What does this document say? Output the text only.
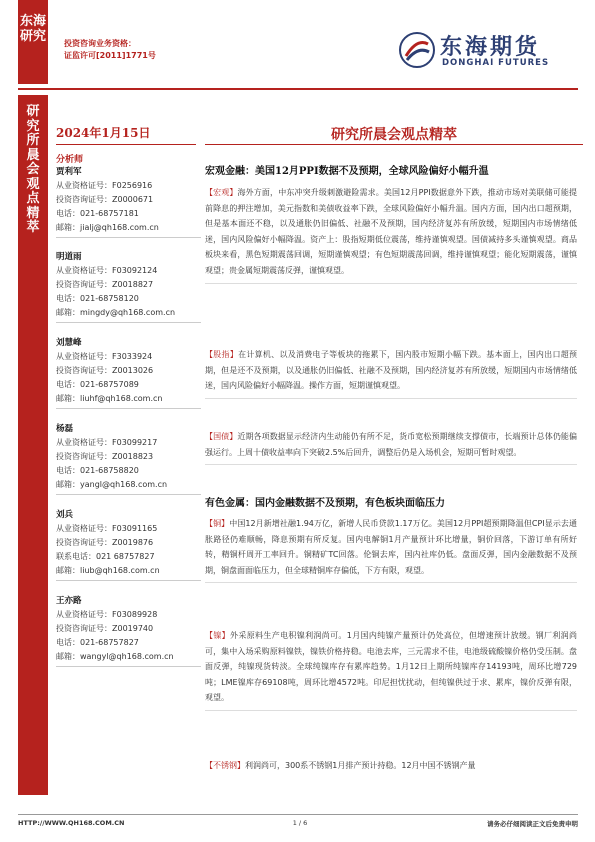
东海
研究 投资咨询业务资格：
证监许可[2011]1771号	东海期货
DONGHAI FUTURES
研
究
所
晨
会
观
点
精
萃
2024年1月15日
分析师
贾利军
从业资格证号：F0256916
投资咨询证号：Z0000671
电话：021-68757181
邮箱：jialj@qh168.com.cn
明道雨
从业资格证号：F03092124
投资咨询证号：Z0018827
电话：021-68758120
邮箱：mingdy@qh168.com.cn
刘慧峰
从业资格证号：F3033924
投资咨询证号：Z0013026
电话：021-68757089
邮箱：liuhf@qh168.com.cn
杨磊
从业资格证号：F03099217
投资咨询证号：Z0018823
电话：021-68758820
邮箱：yangl@qh168.com.cn
刘兵
从业资格证号：F03091165
投资咨询证号：Z0019876
联系电话：021 68757827
邮箱：liub@qh168.com.cn
王亦路
从业资格证号：F03089928
投资咨询证号：Z0019740
电话：021-68757827
邮箱：wangyl@qh168.com.cn
研究所晨会观点精萃
宏观金融：美国12月PPI数据不及预期，全球风险偏好小幅升温
【宏观】海外方面，中东冲突升级刺激避险需求。美国12月PPI数据意外下跌，推动市场对美联储可能提前降息的押注增加，美元指数和美债收益率下跌，全球风险偏好小幅升温。国内方面，国内出口超预期，但是基本面还不稳，以及通胀仍旧偏低、社融不及预期，国内经济复苏有所放缓，短期国内市场情绪低迷，国内风险偏好小幅降温。资产上：股指短期低位震荡，维持谨慎观望。国债减持多头谨慎观望。商品板块来看，黑色短期震荡回调，短期谨慎观望；有色短期震荡回调，维持谨慎观望；能化短期震荡，谨慎观望；贵金属短期震荡反弹，谨慎观望。
【股指】在计算机、以及消费电子等板块的拖累下，国内股市短期小幅下跌。基本面上，国内出口超预期，但是还不及预期，以及通胀仍旧偏低、社融不及预期，国内经济复苏有所放缓，短期国内市场情绪低迷，国内风险偏好小幅降温。操作方面，短期谨慎观望。
【国债】近期各项数据显示经济内生动能仍有所不足，货币宽松预期继续支撑债市，长端预计总体仍能偏强运行。上周十债收益率向下突破2.5%后回升，调整后仍是入场机会，短期可暂时观望。
有色金属：国内金融数据不及预期，有色板块面临压力
【铜】中国12月新增社融1.94万亿，新增人民币贷款1.17万亿。美国12月PPI超预期降温但CPI显示去通胀路径仍难顺畅，降息预期有所反复。国内电解铜1月产量预计环比增量，铜价回落，下游订单有所好转，精铜杆周开工率回升。铜精矿TC回落。伦铜去库，国内社库仍低。盘面反弹，国内金融数据不及预期，铜盘面面临压力，但全球精铜库存偏低，下方有限，观望。
【镍】外采原料生产电积镍利润尚可。1月国内纯镍产量预计仍处高位，但增速预计放缓。钢厂利润尚可，集中入场采购原料镍铁，镍铁价格持稳。电池去库，三元需求不佳，电池级硫酸镍价格仍受压制。盘面反弹，纯镍现货转淡。全球纯镍库存有累库趋势。1月12日上期所纯镍库存14193吨，周环比增729吨；LME镍库存69108吨，周环比增4572吨。印尼担忧扰动，但纯镍供过于求、累库，镍价反弹有限，观望。
【不锈钢】利润尚可，300系不锈钢1月排产预计持稳。12月中国不锈钢产量
HTTP://WWW.QH168.COM.CN	1 / 6	请务必仔细阅读正文后免责申明
